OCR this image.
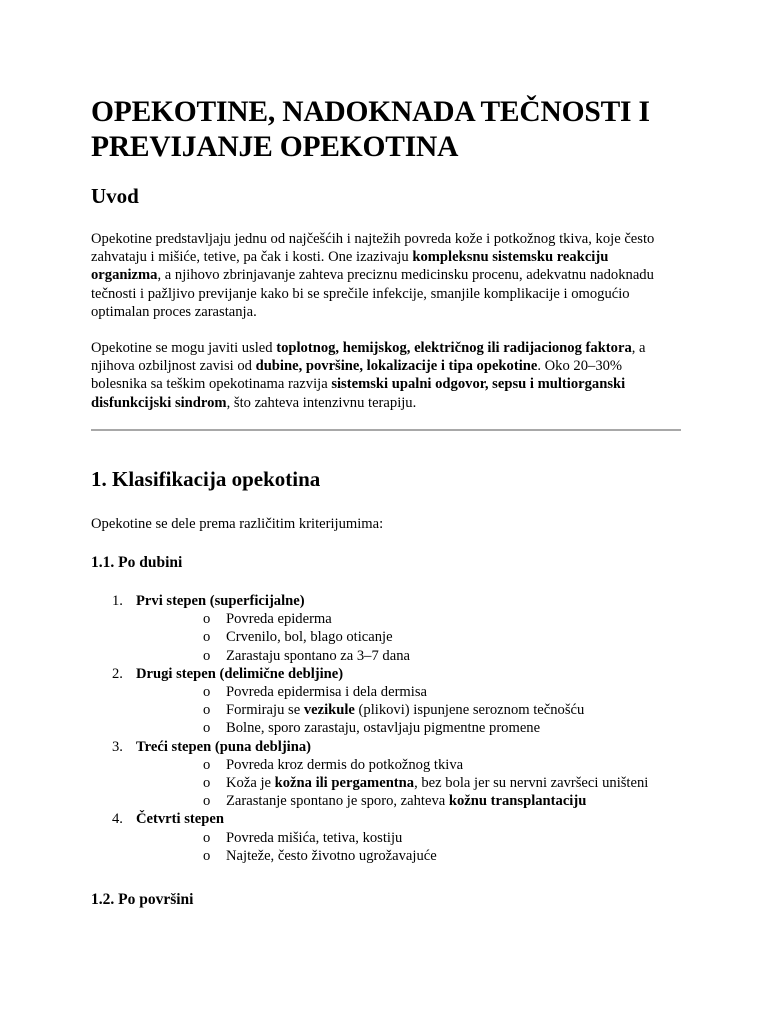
OPEKOTINE, NADOKNADA TEČNOSTI I PREVIJANJE OPEKOTINA
Uvod

Opekotine predstavljaju jednu od najčešćih i najtežih povreda kože i potkožnog tkiva, koje često zahvataju i mišiće, tetive, pa čak i kosti. One izazivaju kompleksnu sistemsku reakciju organizma, a njihovo zbrinjavanje zahteva preciznu medicinsku procenu, adekvatnu nadoknadu tečnosti i pažljivo previjanje kako bi se sprečile infekcije, smanjile komplikacije i omogućio optimalan proces zarastanja.

Opekotine se mogu javiti usled toplotnog, hemijskog, električnog ili radijacionog faktora, a njihova ozbiljnost zavisi od dubine, površine, lokalizacije i tipa opekotine. Oko 20–30% bolesnika sa teškim opekotinama razvija sistemski upalni odgovor, sepsu i multiorganski disfunkcijski sindrom, što zahteva intenzivnu terapiju.

1. Klasifikacija opekotina

Opekotine se dele prema različitim kriterijumima:

1.1. Po dubini
1. Prvi stepen (superficijalne)
o Povreda epiderma
o Crvenilo, bol, blago oticanje
o Zarastaju spontano za 3–7 dana
2. Drugi stepen (delimične debljine)
o Povreda epidermisa i dela dermisa
o Formiraju se vezikule (plikovi) ispunjene seroznom tečnošću
o Bolne, sporo zarastaju, ostavljaju pigmentne promene
3. Treći stepen (puna debljina)
o Povreda kroz dermis do potkožnog tkiva
o Koža je kožna ili pergamentna, bez bola jer su nervni završeci uništeni
o Zarastanje spontano je sporo, zahteva kožnu transplantaciju
4. Četvrti stepen
o Povreda mišića, tetiva, kostiju
o Najteže, često životno ugrožavajuće
1.2. Po površini
